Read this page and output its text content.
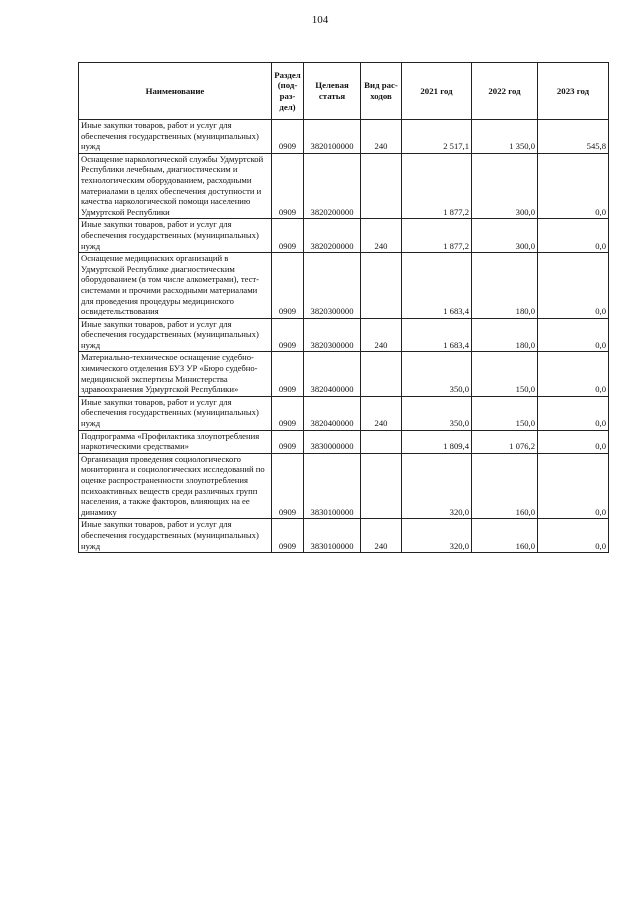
104
Наименование	Раздел (под-раз-дел)	Целевая статья	Вид рас-ходов	2021 год	2022 год	2023 год
Иные закупки товаров, работ и услуг для обеспечения государственных (муниципальных) нужд	0909	3820100000	240	2 517,1	1 350,0	545,8
Оснащение наркологической службы Удмуртской Республики лечебным, диагностическим и технологическим оборудованием, расходными материалами в целях обеспечения доступности и качества наркологической помощи населению Удмуртской Республики	0909	3820200000		1 877,2	300,0	0,0
Иные закупки товаров, работ и услуг для обеспечения государственных (муниципальных) нужд	0909	3820200000	240	1 877,2	300,0	0,0
Оснащение медицинских организаций в Удмуртской Республике диагностическим оборудованием (в том числе алкометрами), тест-системами и прочими расходными материалами для проведения процедуры медицинского освидетельствования	0909	3820300000		1 683,4	180,0	0,0
Иные закупки товаров, работ и услуг для обеспечения государственных (муниципальных) нужд	0909	3820300000	240	1 683,4	180,0	0,0
Материально-техническое оснащение судебно-химического отделения БУЗ УР «Бюро судебно-медицинской экспертизы Министерства здравоохранения Удмуртской Республики»	0909	3820400000		350,0	150,0	0,0
Иные закупки товаров, работ и услуг для обеспечения государственных (муниципальных) нужд	0909	3820400000	240	350,0	150,0	0,0
Подпрограмма «Профилактика злоупотребления наркотическими средствами»	0909	3830000000		1 809,4	1 076,2	0,0
Организация проведения социологического мониторинга и социологических исследований по оценке распространенности злоупотребления психоактивных веществ среди различных групп населения, а также факторов, влияющих на ее динамику	0909	3830100000		320,0	160,0	0,0
Иные закупки товаров, работ и услуг для обеспечения государственных (муниципальных) нужд	0909	3830100000	240	320,0	160,0	0,0
